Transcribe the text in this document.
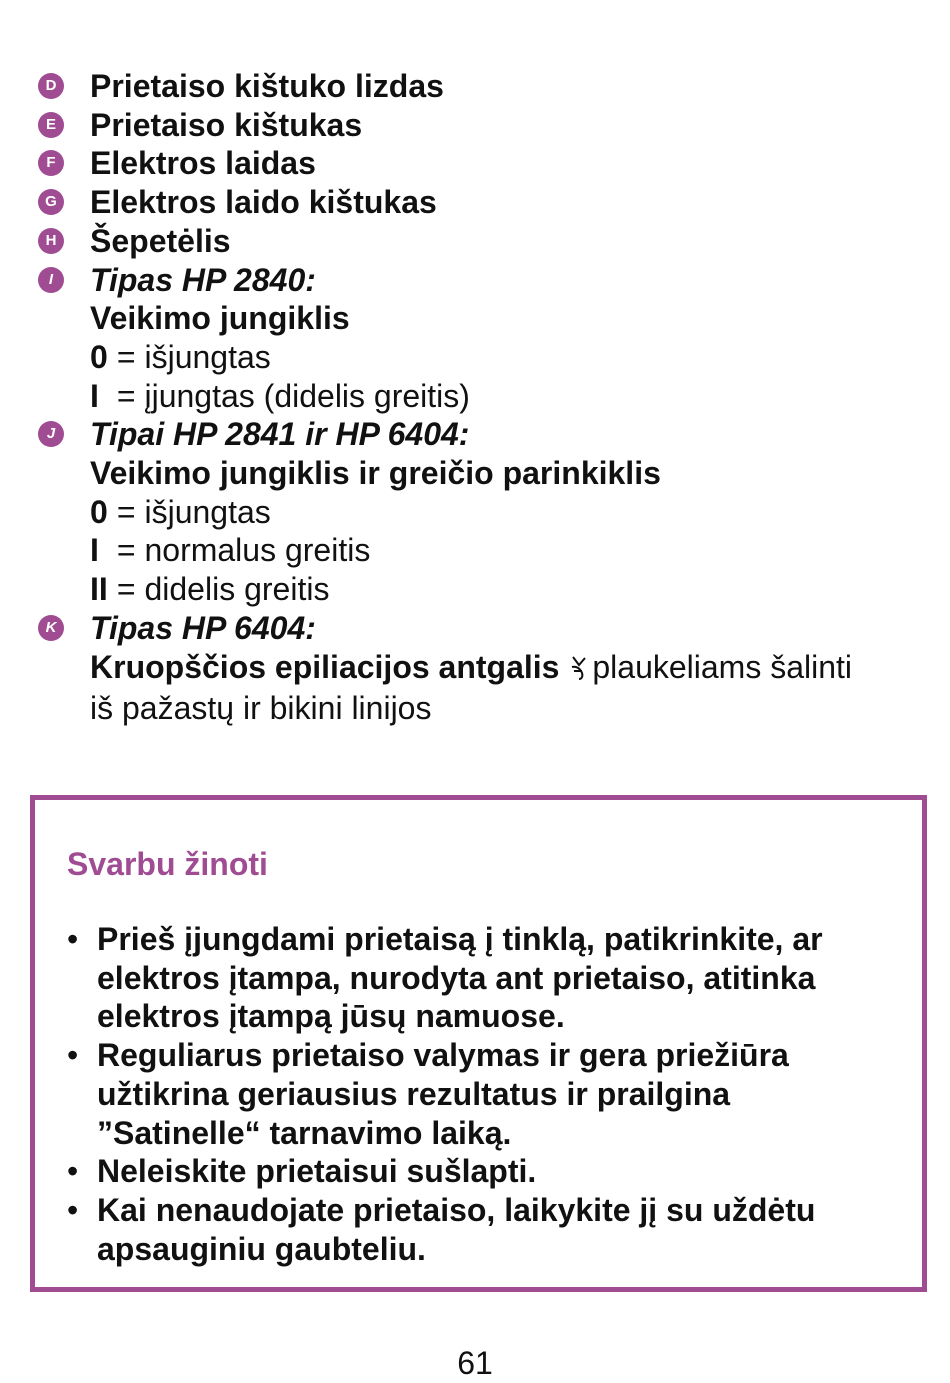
D Prietaiso kištuko lizdas
E Prietaiso kištukas
F Elektros laidas
G Elektros laido kištukas
H Šepetėlis
I	Tipas HP 2840:
Veikimo jungiklis
0 = išjungtas
I = įjungtas (didelis greitis)
J Tipai HP 2841 ir HP 6404:
Veikimo jungiklis ir greičio parinkiklis
0 = išjungtas
I = normalus greitis
II = didelis greitis
K Tipas HP 6404:
Kruopščios epiliacijos antgalis plaukeliams šalinti
iš pažastų ir bikini linijos
Svarbu žinoti
• Prieš įjungdami prietaisą į tinklą, patikrinkite, ar
elektros įtampa, nurodyta ant prietaiso, atitinka
elektros įtampą jūsų namuose.
• Reguliarus prietaiso valymas ir gera priežiūra
užtikrina geriausius rezultatus ir prailgina
”Satinelle“ tarnavimo laiką.
• Neleiskite prietaisui sušlapti.
• Kai nenaudojate prietaiso, laikykite jį su uždėtu
apsauginiu gaubteliu.
61
